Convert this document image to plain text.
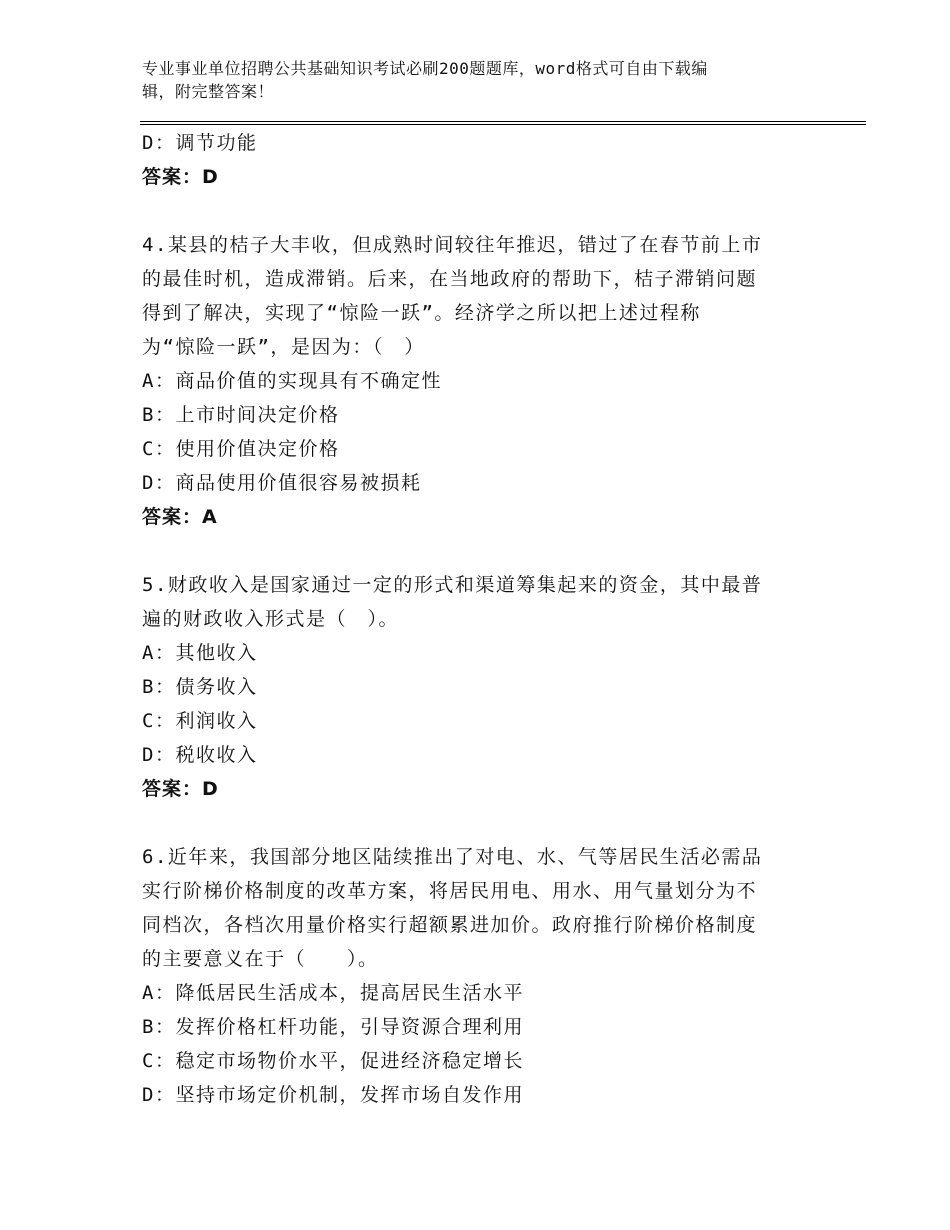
专业事业单位招聘公共基础知识考试必刷200题题库，word格式可自由下载编
辑，附完整答案！
D：调节功能
答案：D
4.某县的桔子大丰收，但成熟时间较往年推迟，错过了在春节前上市
的最佳时机，造成滞销。后来，在当地政府的帮助下，桔子滞销问题
得到了解决，实现了“惊险一跃”。经济学之所以把上述过程称
为“惊险一跃”，是因为：（　）
A：商品价值的实现具有不确定性
B：上市时间决定价格
C：使用价值决定价格
D：商品使用价值很容易被损耗
答案：A
5.财政收入是国家通过一定的形式和渠道筹集起来的资金，其中最普
遍的财政收入形式是（　）。
A：其他收入
B：债务收入
C：利润收入
D：税收收入
答案：D
6.近年来，我国部分地区陆续推出了对电、水、气等居民生活必需品
实行阶梯价格制度的改革方案，将居民用电、用水、用气量划分为不
同档次，各档次用量价格实行超额累进加价。政府推行阶梯价格制度
的主要意义在于（　　）。
A：降低居民生活成本，提高居民生活水平
B：发挥价格杠杆功能，引导资源合理利用
C：稳定市场物价水平，促进经济稳定增长
D：坚持市场定价机制，发挥市场自发作用
